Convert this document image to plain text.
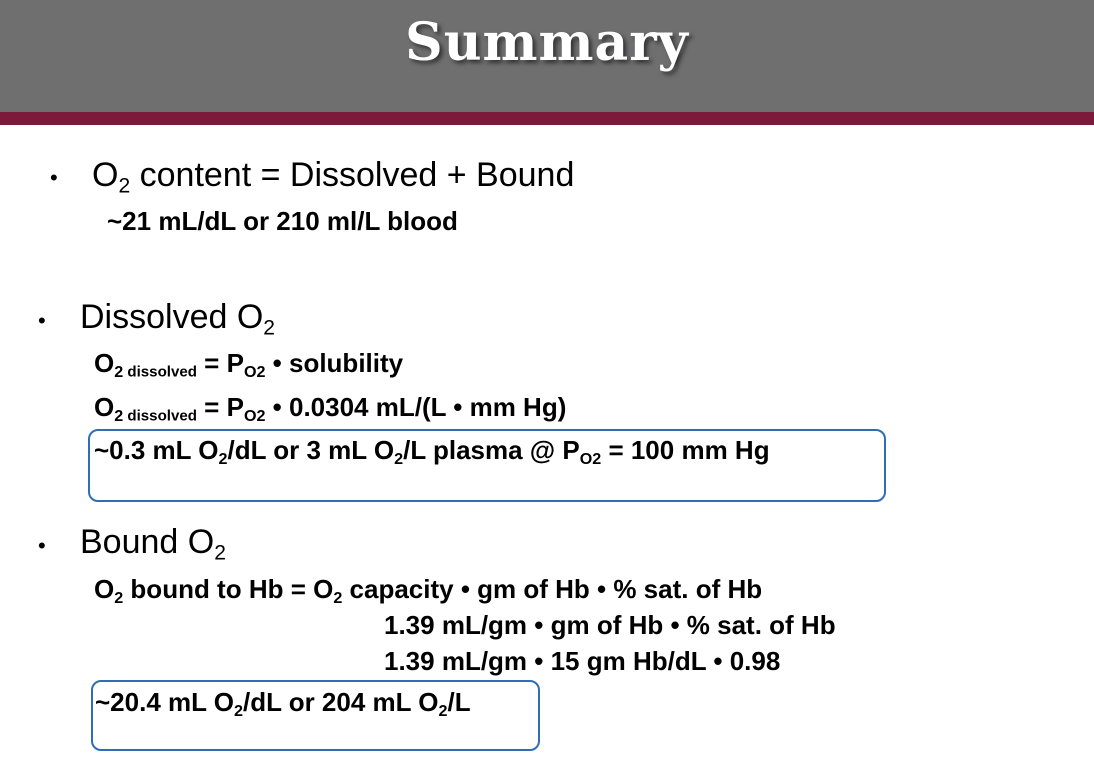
Summary
• $O_2$ content = Dissolved + Bound
~21 mL/dL or 210 ml/L blood
• Dissolved $O_2$
$O_2$ $_{dissolved} = P_{O2}$ • solubility
$O_2$ $_{dissolved} = P_{O2}$ • 0.0304 mL/(L • mm Hg)
~0.3 mL $O_2/dL$ or 3 mL $O_2/L$ plasma @ $P_{O2} = 100$ mm Hg
• Bound $O_2$
$O_2$ bound to $Hb = O_2$ capacity • gm of Hb • % sat. of Hb
1.39 mL/gm • gm of Hb • % sat. of Hb
1.39 mL/gm • 15 gm Hb/dL • 0.98
~20.4 mL $O_2/dL$ or 204 mL $O_2/L$
